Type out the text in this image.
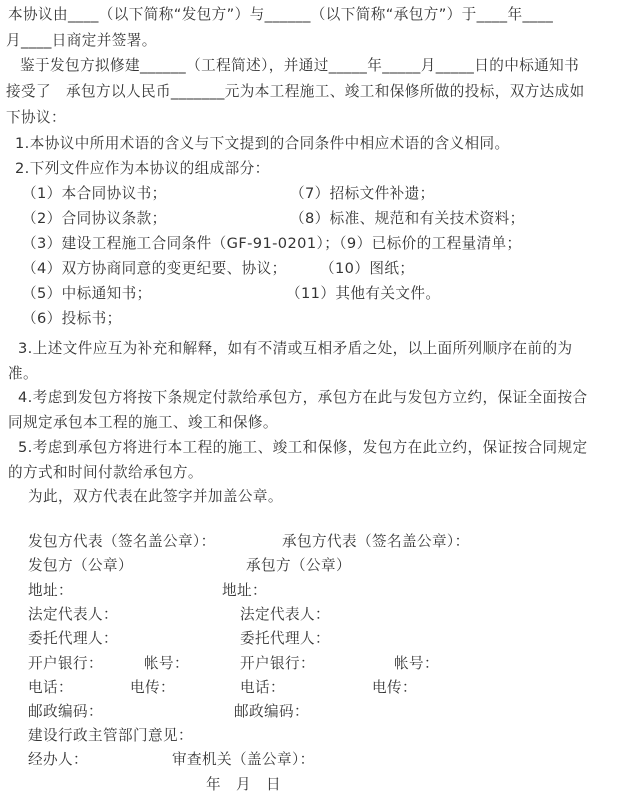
本协议由____（以下简称“发包方”）与______（以下简称“承包方”）于____年____

月____日商定并签署。

鉴于发包方拟修建______（工程简述），并通过_____年_____月_____日的中标通知书

接受了　承包方以人民币_______元为本工程施工、竣工和保修所做的投标，双方达成如

下协议：

1.本协议中所用术语的含义与下文提到的合同条件中相应术语的含义相同。

2.下列文件应作为本协议的组成部分：

（1）本合同协议书；	（7）招标文件补遗；
（2）合同协议条款；	（8）标准、规范和有关技术资料；
（3）建设工程施工合同条件（GF-91-0201）；（9）已标价的工程量清单；
（4）双方协商同意的变更纪要、协议； （10）图纸；
（5）中标通知书；	（11）其他有关文件。
（6）投标书；

3.上述文件应互为补充和解释，如有不清或互相矛盾之处，以上面所列顺序在前的为

准。

4.考虑到发包方将按下条规定付款给承包方，承包方在此与发包方立约，保证全面按合

同规定承包本工程的施工、竣工和保修。

5.考虑到承包方将进行本工程的施工、竣工和保修，发包方在此立约，保证按合同规定

的方式和时间付款给承包方。

为此，双方代表在此签字并加盖公章。

发包方代表（签名盖公章）：	承包方代表（签名盖公章）：
发包方（公章）	承包方（公章）
地址：	地址：
法定代表人：	法定代表人：
委托代理人：	委托代理人：
开户银行：	帐号：	开户银行：	帐号：
电话：	电传：	电话：	电传：
邮政编码：	邮政编码：
建设行政主管部门意见：
经办人：	审查机关（盖公章）：
年　月　日
